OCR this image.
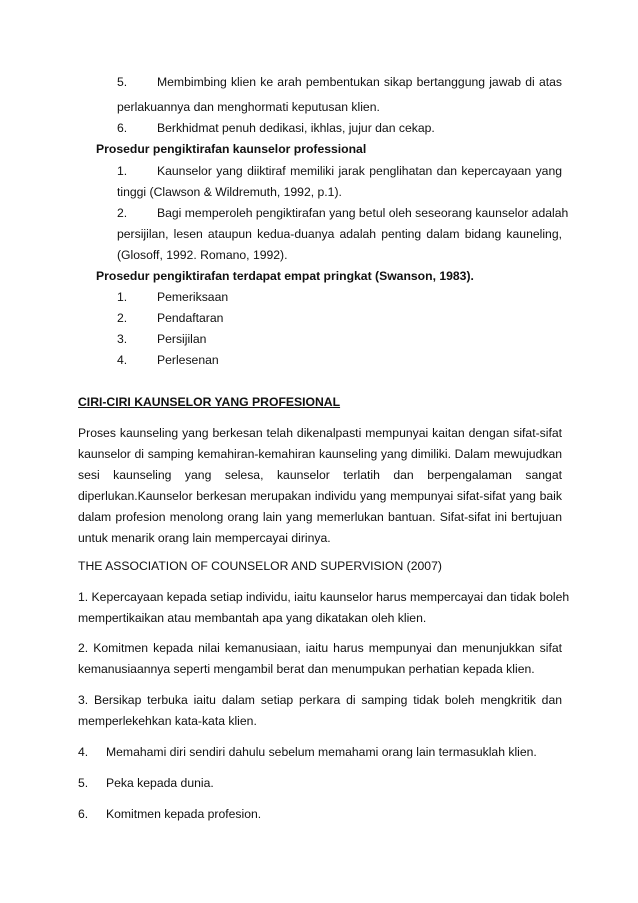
5. Membimbing klien ke arah pembentukan sikap bertanggung jawab di atas
perlakuannya dan menghormati keputusan klien.
6. Berkhidmat penuh dedikasi, ikhlas, jujur dan cekap.
Prosedur pengiktirafan kaunselor professional
1. Kaunselor yang diiktiraf memiliki jarak penglihatan dan kepercayaan yang
tinggi (Clawson & Wildremuth, 1992, p.1).
2. Bagi memperoleh pengiktirafan yang betul oleh seseorang kaunselor adalah
persijilan, lesen ataupun kedua-duanya adalah penting dalam bidang kauneling,
(Glosoff, 1992. Romano, 1992).
Prosedur pengiktirafan terdapat empat pringkat (Swanson, 1983).
1. Pemeriksaan
2. Pendaftaran
3. Persijilan
4. Perlesenan
CIRI-CIRI KAUNSELOR YANG PROFESIONAL
Proses kaunseling yang berkesan telah dikenalpasti mempunyai kaitan dengan sifat-sifat
kaunselor di samping kemahiran-kemahiran kaunseling yang dimiliki. Dalam mewujudkan
sesi kaunseling yang selesa, kaunselor terlatih dan berpengalaman sangat
diperlukan.Kaunselor berkesan merupakan individu yang mempunyai sifat-sifat yang baik
dalam profesion menolong orang lain yang memerlukan bantuan. Sifat-sifat ini bertujuan
untuk menarik orang lain mempercayai dirinya.
THE ASSOCIATION OF COUNSELOR AND SUPERVISION (2007)
1. Kepercayaan kepada setiap individu, iaitu kaunselor harus mempercayai dan tidak boleh
mempertikaikan atau membantah apa yang dikatakan oleh klien.
2. Komitmen kepada nilai kemanusiaan, iaitu harus mempunyai dan menunjukkan sifat
kemanusiaannya seperti mengambil berat dan menumpukan perhatian kepada klien.
3. Bersikap terbuka iaitu dalam setiap perkara di samping tidak boleh mengkritik dan
memperlekehkan kata-kata klien.
4. Memahami diri sendiri dahulu sebelum memahami orang lain termasuklah klien.
5. Peka kepada dunia.
6. Komitmen kepada profesion.
